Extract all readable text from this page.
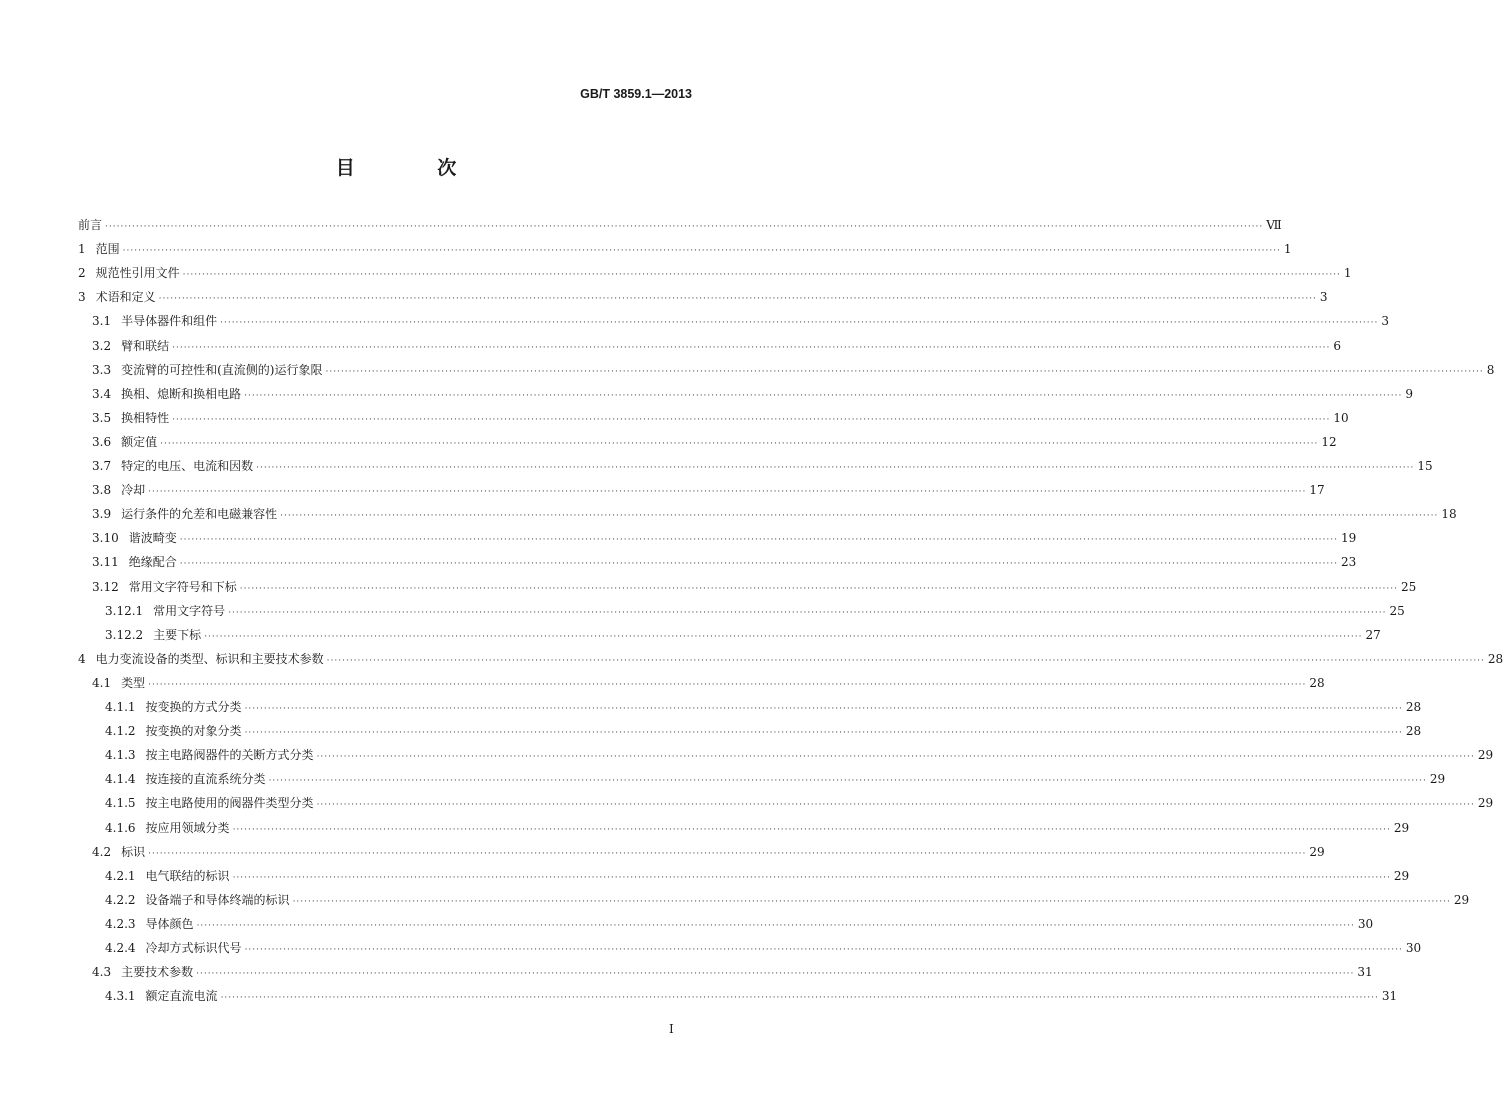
GB/T 3859.1—2013
目 次
前言 ············································································································································································································································································································ Ⅶ
1 范围 ············································································································································································································································································································ 1
2 规范性引用文件 ············································································································································································································································································································ 1
3 术语和定义 ············································································································································································································································································································ 3
3.1 半导体器件和组件 ············································································································································································································································································································ 3
3.2 臂和联结 ············································································································································································································································································································ 6
3.3 变流臂的可控性和(直流侧的)运行象限 ············································································································································································································································································································ 8
3.4 换相、熄断和换相电路 ············································································································································································································································································································ 9
3.5 换相特性 ············································································································································································································································································································ 10
3.6 额定值 ············································································································································································································································································································ 12
3.7 特定的电压、电流和因数 ············································································································································································································································································································ 15
3.8 冷却 ············································································································································································································································································································ 17
3.9 运行条件的允差和电磁兼容性 ············································································································································································································································································································ 18
3.10 谐波畸变 ············································································································································································································································································································ 19
3.11 绝缘配合 ············································································································································································································································································································ 23
3.12 常用文字符号和下标 ············································································································································································································································································································ 25
3.12.1 常用文字符号 ············································································································································································································································································································ 25
3.12.2 主要下标 ············································································································································································································································································································ 27
4 电力变流设备的类型、标识和主要技术参数 ············································································································································································································································································································ 28
4.1 类型 ············································································································································································································································································································ 28
4.1.1 按变换的方式分类 ············································································································································································································································································································ 28
4.1.2 按变换的对象分类 ············································································································································································································································································································ 28
4.1.3 按主电路阀器件的关断方式分类 ············································································································································································································································································································ 29
4.1.4 按连接的直流系统分类 ············································································································································································································································································································ 29
4.1.5 按主电路使用的阀器件类型分类 ············································································································································································································································································································ 29
4.1.6 按应用领域分类 ············································································································································································································································································································ 29
4.2 标识 ············································································································································································································································································································ 29
4.2.1 电气联结的标识 ············································································································································································································································································································ 29
4.2.2 设备端子和导体终端的标识 ············································································································································································································································································································ 29
4.2.3 导体颜色 ············································································································································································································································································································ 30
4.2.4 冷却方式标识代号 ············································································································································································································································································································ 30
4.3 主要技术参数 ············································································································································································································································································································ 31
4.3.1 额定直流电流 ············································································································································································································································································································ 31
I
